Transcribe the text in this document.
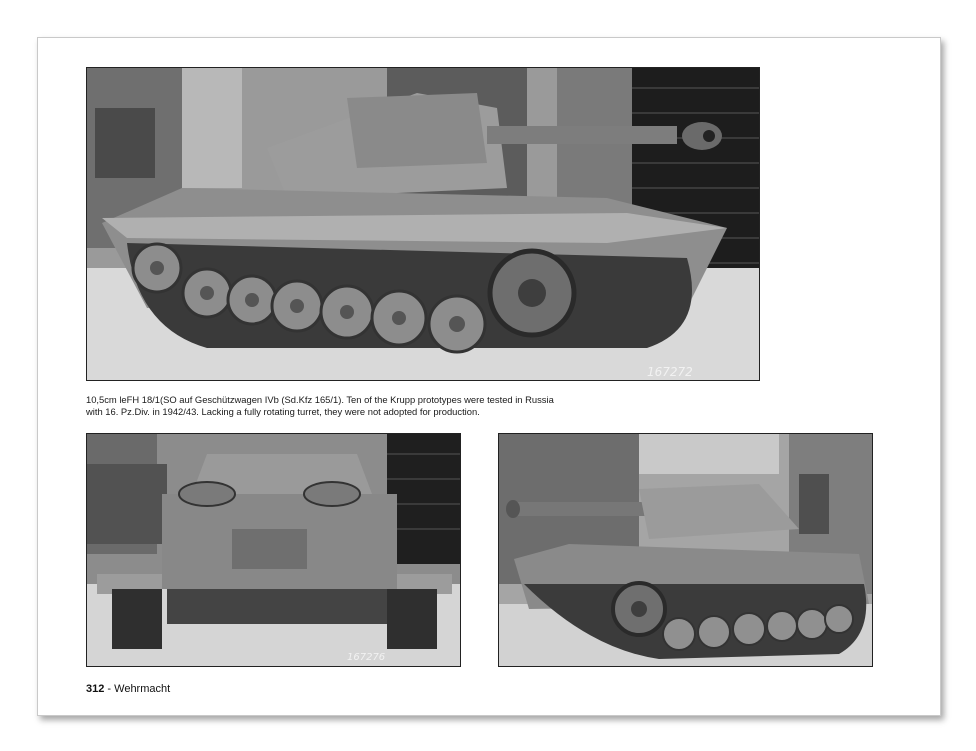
167272
10,5cm leFH 18/1(SO auf Geschützwagen IVb (Sd.Kfz 165/1). Ten of the Krupp prototypes were tested in Russia
with 16. Pz.Div. in 1942/43. Lacking a fully rotating turret, they were not adopted for production.
167276
312 - Wehrmacht
